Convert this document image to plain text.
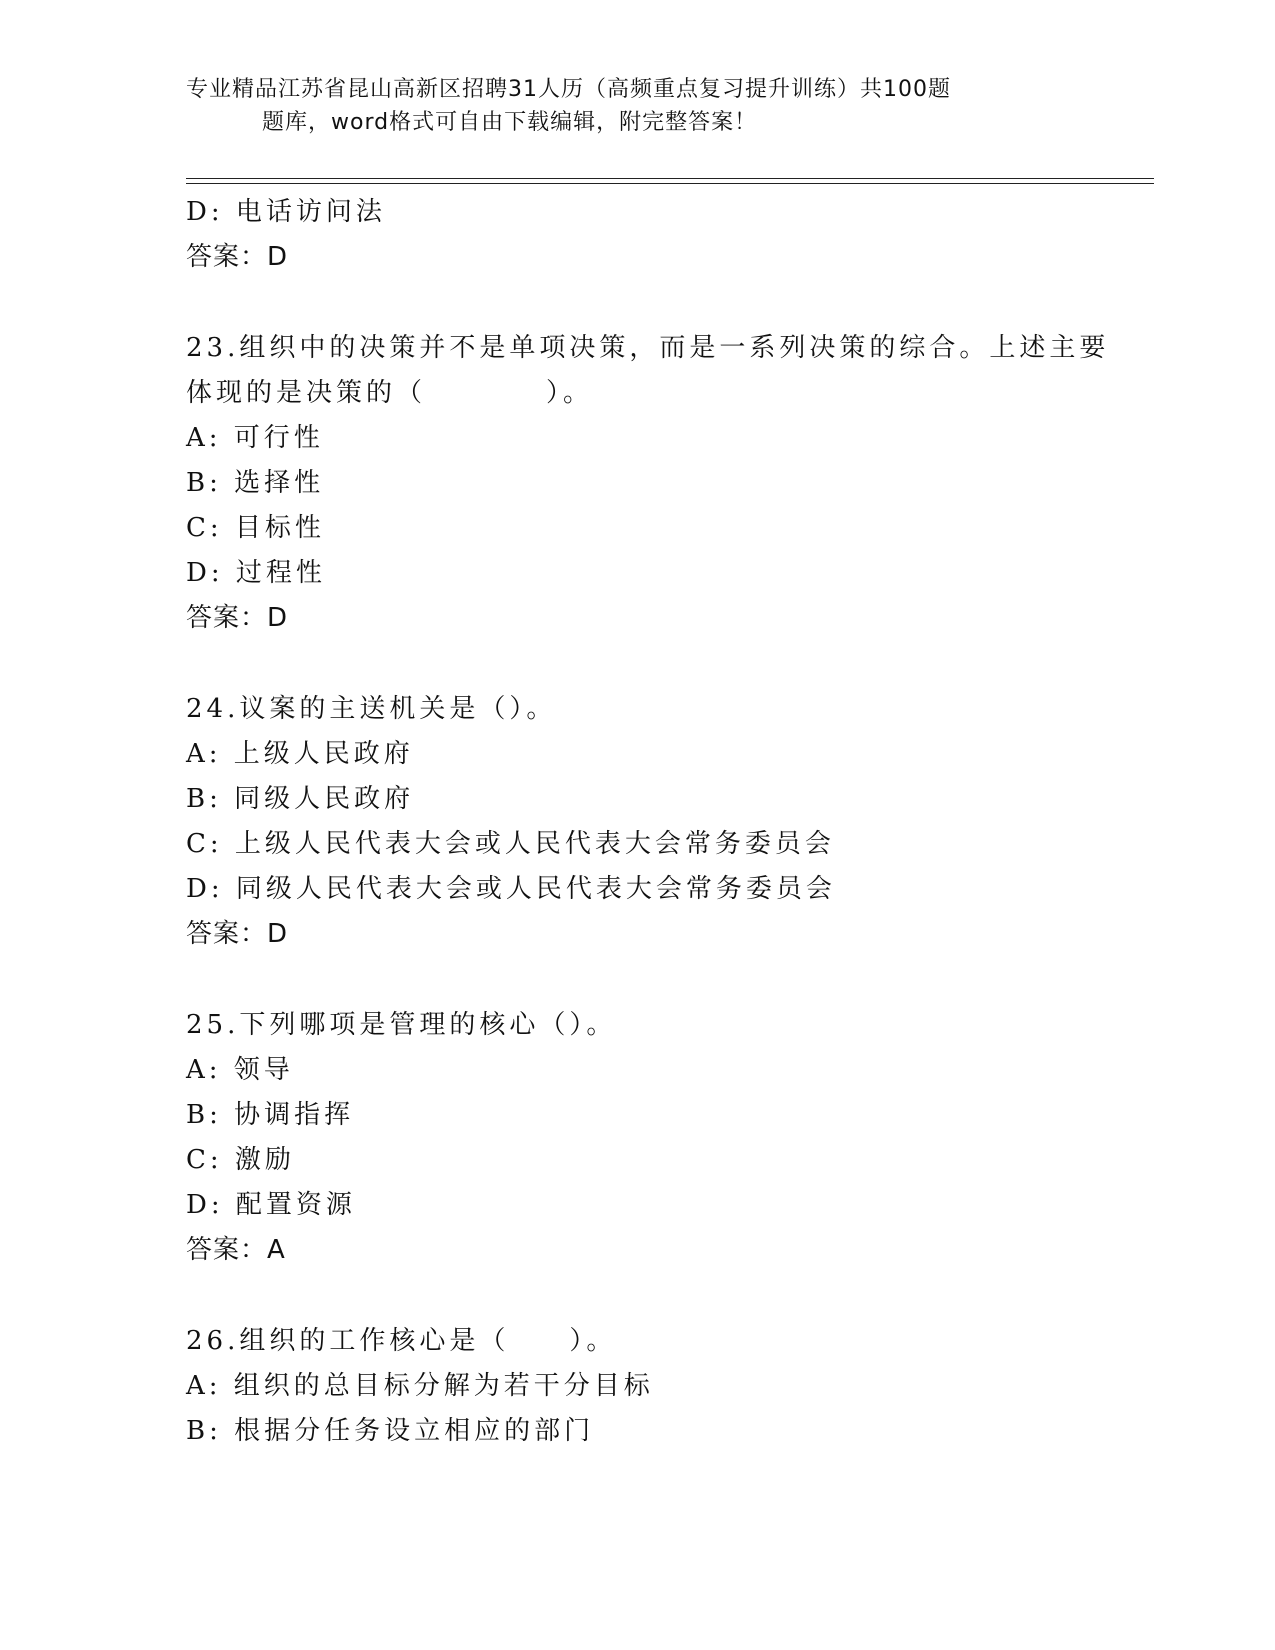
专业精品江苏省昆山高新区招聘31人历（高频重点复习提升训练）共100题
题库，word格式可自由下载编辑，附完整答案！
D: 电话访问法
答案：D
23.组织中的决策并不是单项决策，而是一系列决策的综合。上述主要
体现的是决策的（　　　　）。
A: 可行性
B: 选择性
C: 目标性
D: 过程性
答案：D
24.议案的主送机关是（）。
A: 上级人民政府
B: 同级人民政府
C: 上级人民代表大会或人民代表大会常务委员会
D: 同级人民代表大会或人民代表大会常务委员会
答案：D
25.下列哪项是管理的核心（）。
A: 领导
B: 协调指挥
C: 激励
D: 配置资源
答案：A
26.组织的工作核心是（　　）。
A: 组织的总目标分解为若干分目标
B: 根据分任务设立相应的部门
